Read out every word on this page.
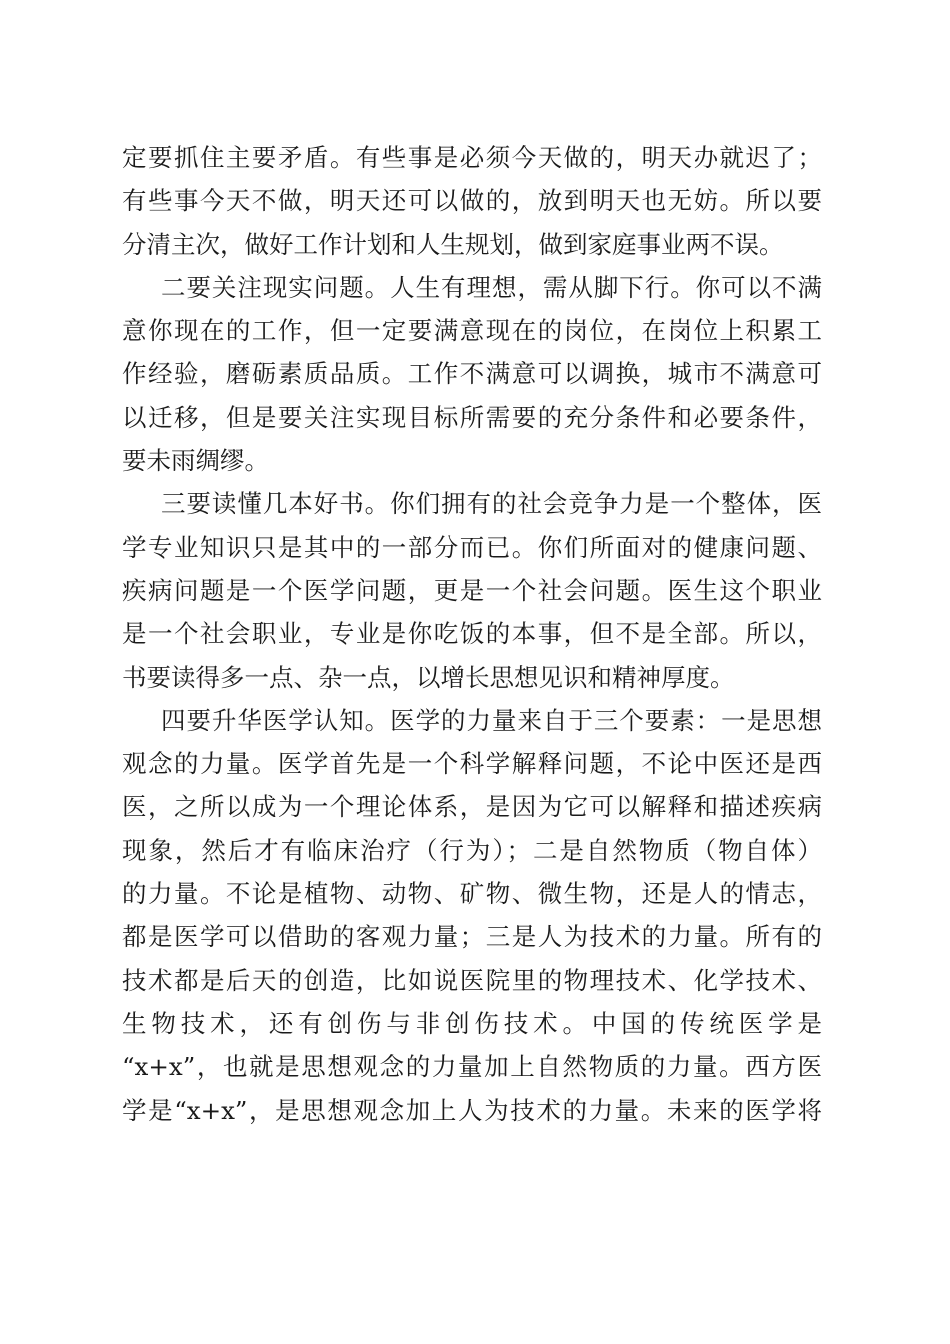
定要抓住主要矛盾。有些事是必须今天做的，明天办就迟了；
有些事今天不做，明天还可以做的，放到明天也无妨。所以要
分清主次，做好工作计划和人生规划，做到家庭事业两不误。
二要关注现实问题。人生有理想，需从脚下行。你可以不满
意你现在的工作，但一定要满意现在的岗位，在岗位上积累工
作经验，磨砺素质品质。工作不满意可以调换，城市不满意可
以迁移，但是要关注实现目标所需要的充分条件和必要条件，
要未雨绸缪。
三要读懂几本好书。你们拥有的社会竞争力是一个整体，医
学专业知识只是其中的一部分而已。你们所面对的健康问题、
疾病问题是一个医学问题，更是一个社会问题。医生这个职业
是一个社会职业，专业是你吃饭的本事，但不是全部。所以，
书要读得多一点、杂一点，以增长思想见识和精神厚度。
四要升华医学认知。医学的力量来自于三个要素：一是思想
观念的力量。医学首先是一个科学解释问题，不论中医还是西
医，之所以成为一个理论体系，是因为它可以解释和描述疾病
现象，然后才有临床治疗（行为）；二是自然物质（物自体）
的力量。不论是植物、动物、矿物、微生物，还是人的情志，
都是医学可以借助的客观力量；三是人为技术的力量。所有的
技术都是后天的创造，比如说医院里的物理技术、化学技术、
生物技术，还有创伤与非创伤技术。中国的传统医学是
“x+x”，也就是思想观念的力量加上自然物质的力量。西方医
学是“x+x”，是思想观念加上人为技术的力量。未来的医学将
